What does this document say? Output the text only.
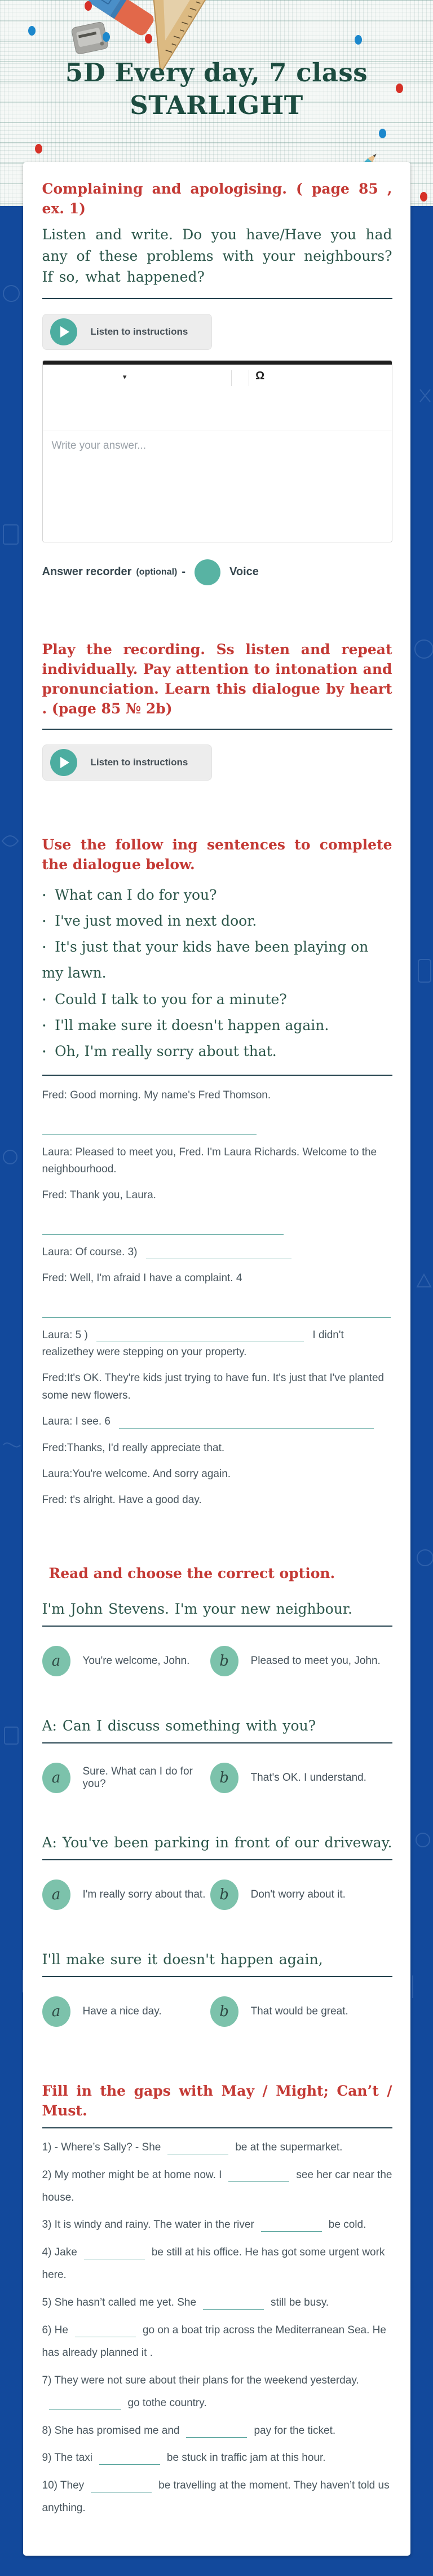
5D Every day, 7 class
STARLIGHT
Complaining and apologising. ( page 85 , ex. 1)

Listen and write. Do you have/Have you had any of these problems with your neighbours? If so, what happened?

Listen to instructions
▾	Ω
Write your answer...
Answer recorder (optional) -	Voice

Play the recording. Ss listen and repeat individually. Pay attention to intonation and pronunciation. Learn this dialogue by heart . (page 85 № 2b)

Listen to instructions
Use the follow ing sentences to complete the dialogue below.
• What can I do for you?
• I've just moved in next door.
• It's just that your kids have been playing on my lawn.
• Could I talk to you for a minute?
• I'll make sure it doesn't happen again.
• Oh, I'm really sorry about that.

Fred: Good morning. My name's Fred Thomson.

Laura: Pleased to meet you, Fred. I'm Laura Richards. Welcome to the neighbourhood.

Fred: Thank you, Laura.

Laura: Of course. 3)

Fred: Well, I'm afraid I have a complaint. 4

Laura: 5 )	I didn't realizethey were stepping on your property.

Fred:It's OK. They're kids just trying to have fun. It's just that I've planted some new flowers.

Laura: I see. 6

Fred:Thanks, I'd really appreciate that.

Laura:You're welcome. And sorry again.

Fred: t's alright. Have a good day.

Read and choose the correct option.

I'm John Stevens. I'm your new neighbour.

a	You're welcome, John.	b	Pleased to meet you, John.

A: Can I discuss something with you?

a	Sure. What can I do for you?	b	That's OK. I understand.

A: You've been parking in front of our driveway.

a	I'm really sorry about that. b	Don't worry about it.

I'll make sure it doesn't happen again,

a	Have a nice day.	b	That would be great.
Fill in the gaps with May / Might; Can’t / Must.

1) - Where’s Sally? - She	be at the supermarket.

2) My mother might be at home now. I	see her car near the house.

3) It is windy and rainy. The water in the river	be cold.

4) Jake	be still at his office. He has got some urgent work here.

5) She hasn’t called me yet. She	still be busy.

6) He	go on a boat trip across the Mediterranean Sea. He has already planned it .

7) They were not sure about their plans for the weekend yesterday.go tothe country.

8) She has promised me and	pay for the ticket.

9) The taxi	be stuck in traffic jam at this hour.

10) They	be travelling at the moment. They haven’t told us anything.
